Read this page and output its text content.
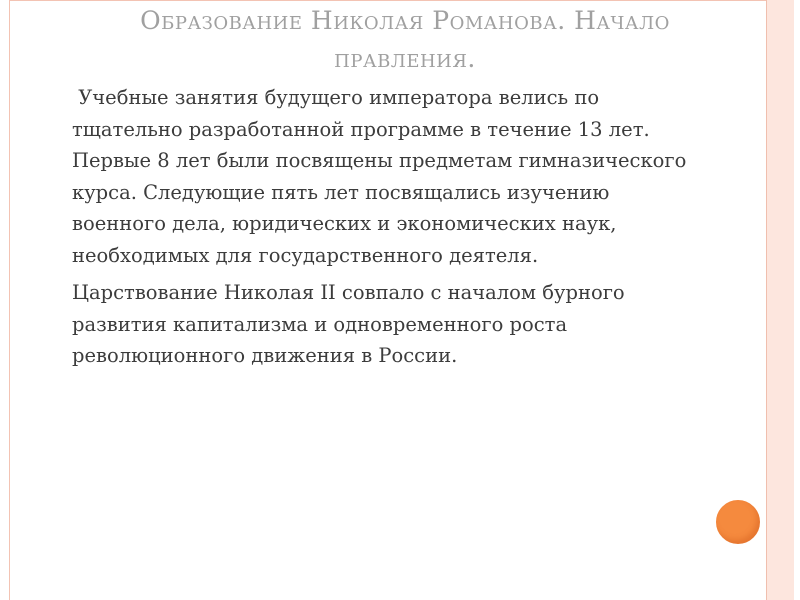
Образование Николая Романова. Начало
правления.
Учебные занятия будущего императора велись по тщательно разработанной программе в течение 13 лет. Первые 8 лет были посвящены предметам гимназического курса. Следующие пять лет посвящались изучению военного дела, юридических и экономических наук, необходимых для государственного деятеля.
Царствование Николая II совпало с началом бурного развития капитализма и одновременного роста революционного движения в России.
